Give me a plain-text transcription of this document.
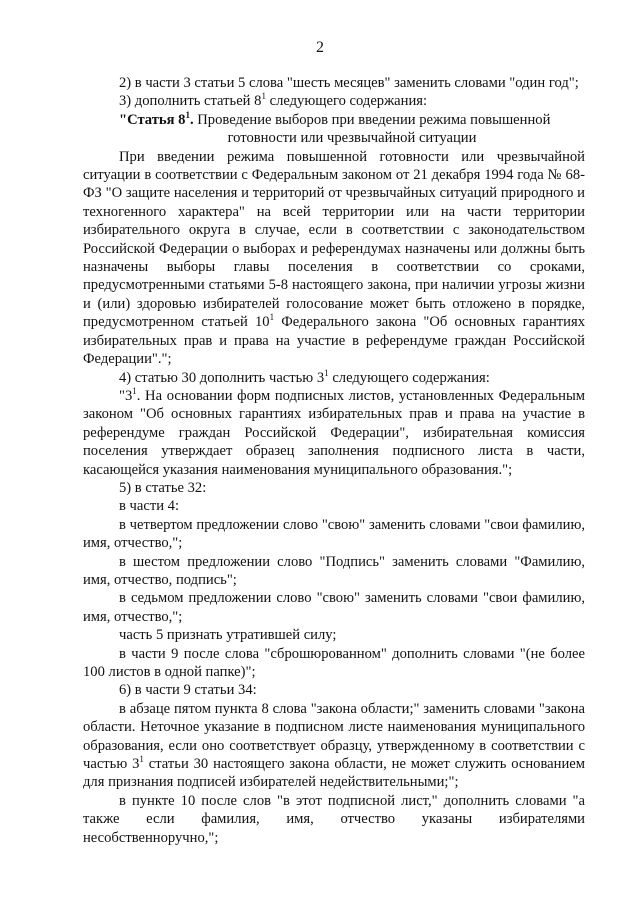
2

2) в части 3 статьи 5 слова "шесть месяцев" заменить словами "один год";

3) дополнить статьей $8^1$ следующего содержания:

"Статья $8^1$. Проведение выборов при введении режима повышенной

готовности или чрезвычайной ситуации

При введении режима повышенной готовности или чрезвычайной ситуации в соответствии с Федеральным законом от 21 декабря 1994 года № 68-ФЗ "О защите населения и территорий от чрезвычайных ситуаций природного и техногенного характера" на всей территории или на части территории избирательного округа в случае, если в соответствии с законодательством Российской Федерации о выборах и референдумах назначены или должны быть назначены выборы главы поселения в соответствии со сроками, предусмотренными статьями 5-8 настоящего закона, при наличии угрозы жизни и (или) здоровью избирателей голосование может быть отложено в порядке, предусмотренном статьей $10^1$ Федерального закона "Об основных гарантиях избирательных прав и права на участие в референдуме граждан Российской Федерации".";

4) статью 30 дополнить частью $3^1$ следующего содержания:

"$3^1$. На основании форм подписных листов, установленных Федеральным законом "Об основных гарантиях избирательных прав и права на участие в референдуме граждан Российской Федерации", избирательная комиссия поселения утверждает образец заполнения подписного листа в части, касающейся указания наименования муниципального образования.";

5) в статье 32:

в части 4:

в четвертом предложении слово "свою" заменить словами "свои фамилию, имя, отчество,";

в шестом предложении слово "Подпись" заменить словами "Фамилию, имя, отчество, подпись";

в седьмом предложении слово "свою" заменить словами "свои фамилию, имя, отчество,";

часть 5 признать утратившей силу;

в части 9 после слова "сброшюрованном" дополнить словами "(не более 100 листов в одной папке)";

6) в части 9 статьи 34:

в абзаце пятом пункта 8 слова "закона области;" заменить словами "закона области. Неточное указание в подписном листе наименования муниципального образования, если оно соответствует образцу, утвержденному в соответствии с частью $3^1$ статьи 30 настоящего закона области, не может служить основанием для признания подписей избирателей недействительными;";

в пункте 10 после слов "в этот подписной лист," дополнить словами "а также если фамилия, имя, отчество указаны избирателями несобственноручно,";
